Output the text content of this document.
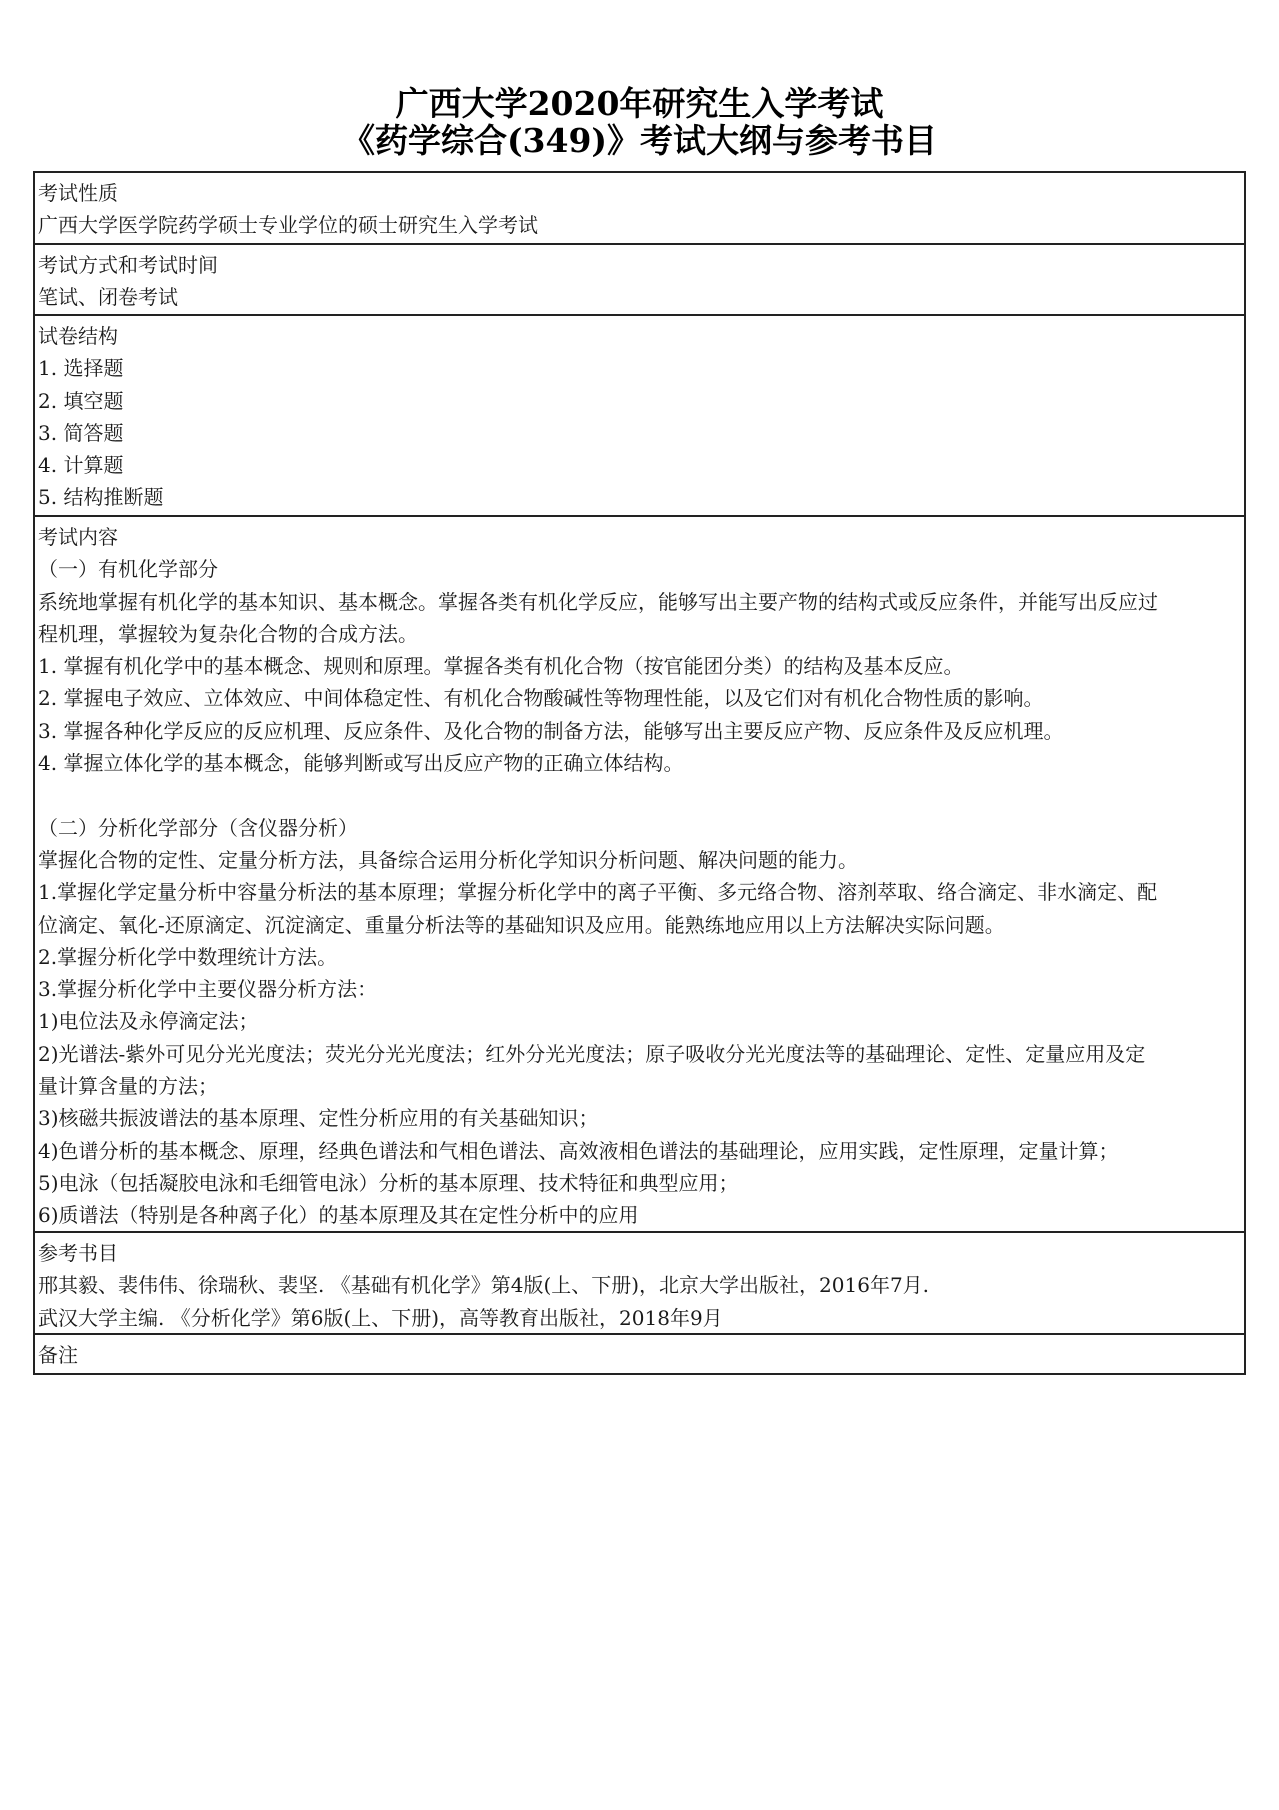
广西大学2020年研究生入学考试
《药学综合(349)》考试大纲与参考书目
考试性质
广西大学医学院药学硕士专业学位的硕士研究生入学考试
考试方式和考试时间
笔试、闭卷考试
试卷结构
1. 选择题
2. 填空题
3. 简答题
4. 计算题
5. 结构推断题
考试内容
（一）有机化学部分
系统地掌握有机化学的基本知识、基本概念。掌握各类有机化学反应，能够写出主要产物的结构式或反应条件，并能写出反应过
程机理，掌握较为复杂化合物的合成方法。
1. 掌握有机化学中的基本概念、规则和原理。掌握各类有机化合物（按官能团分类）的结构及基本反应。
2. 掌握电子效应、立体效应、中间体稳定性、有机化合物酸碱性等物理性能，以及它们对有机化合物性质的影响。
3. 掌握各种化学反应的反应机理、反应条件、及化合物的制备方法，能够写出主要反应产物、反应条件及反应机理。
4. 掌握立体化学的基本概念，能够判断或写出反应产物的正确立体结构。
（二）分析化学部分（含仪器分析）
掌握化合物的定性、定量分析方法，具备综合运用分析化学知识分析问题、解决问题的能力。
1.掌握化学定量分析中容量分析法的基本原理；掌握分析化学中的离子平衡、多元络合物、溶剂萃取、络合滴定、非水滴定、配
位滴定、氧化-还原滴定、沉淀滴定、重量分析法等的基础知识及应用。能熟练地应用以上方法解决实际问题。
2.掌握分析化学中数理统计方法。
3.掌握分析化学中主要仪器分析方法：
1)电位法及永停滴定法；
2)光谱法-紫外可见分光光度法；荧光分光光度法；红外分光光度法；原子吸收分光光度法等的基础理论、定性、定量应用及定
量计算含量的方法；
3)核磁共振波谱法的基本原理、定性分析应用的有关基础知识；
4)色谱分析的基本概念、原理，经典色谱法和气相色谱法、高效液相色谱法的基础理论，应用实践，定性原理，定量计算；
5)电泳（包括凝胶电泳和毛细管电泳）分析的基本原理、技术特征和典型应用；
6)质谱法（特别是各种离子化）的基本原理及其在定性分析中的应用
参考书目
邢其毅、裴伟伟、徐瑞秋、裴坚. 《基础有机化学》第4版(上、下册)，北京大学出版社，2016年7月.
武汉大学主编. 《分析化学》第6版(上、下册)，高等教育出版社，2018年9月
备注
